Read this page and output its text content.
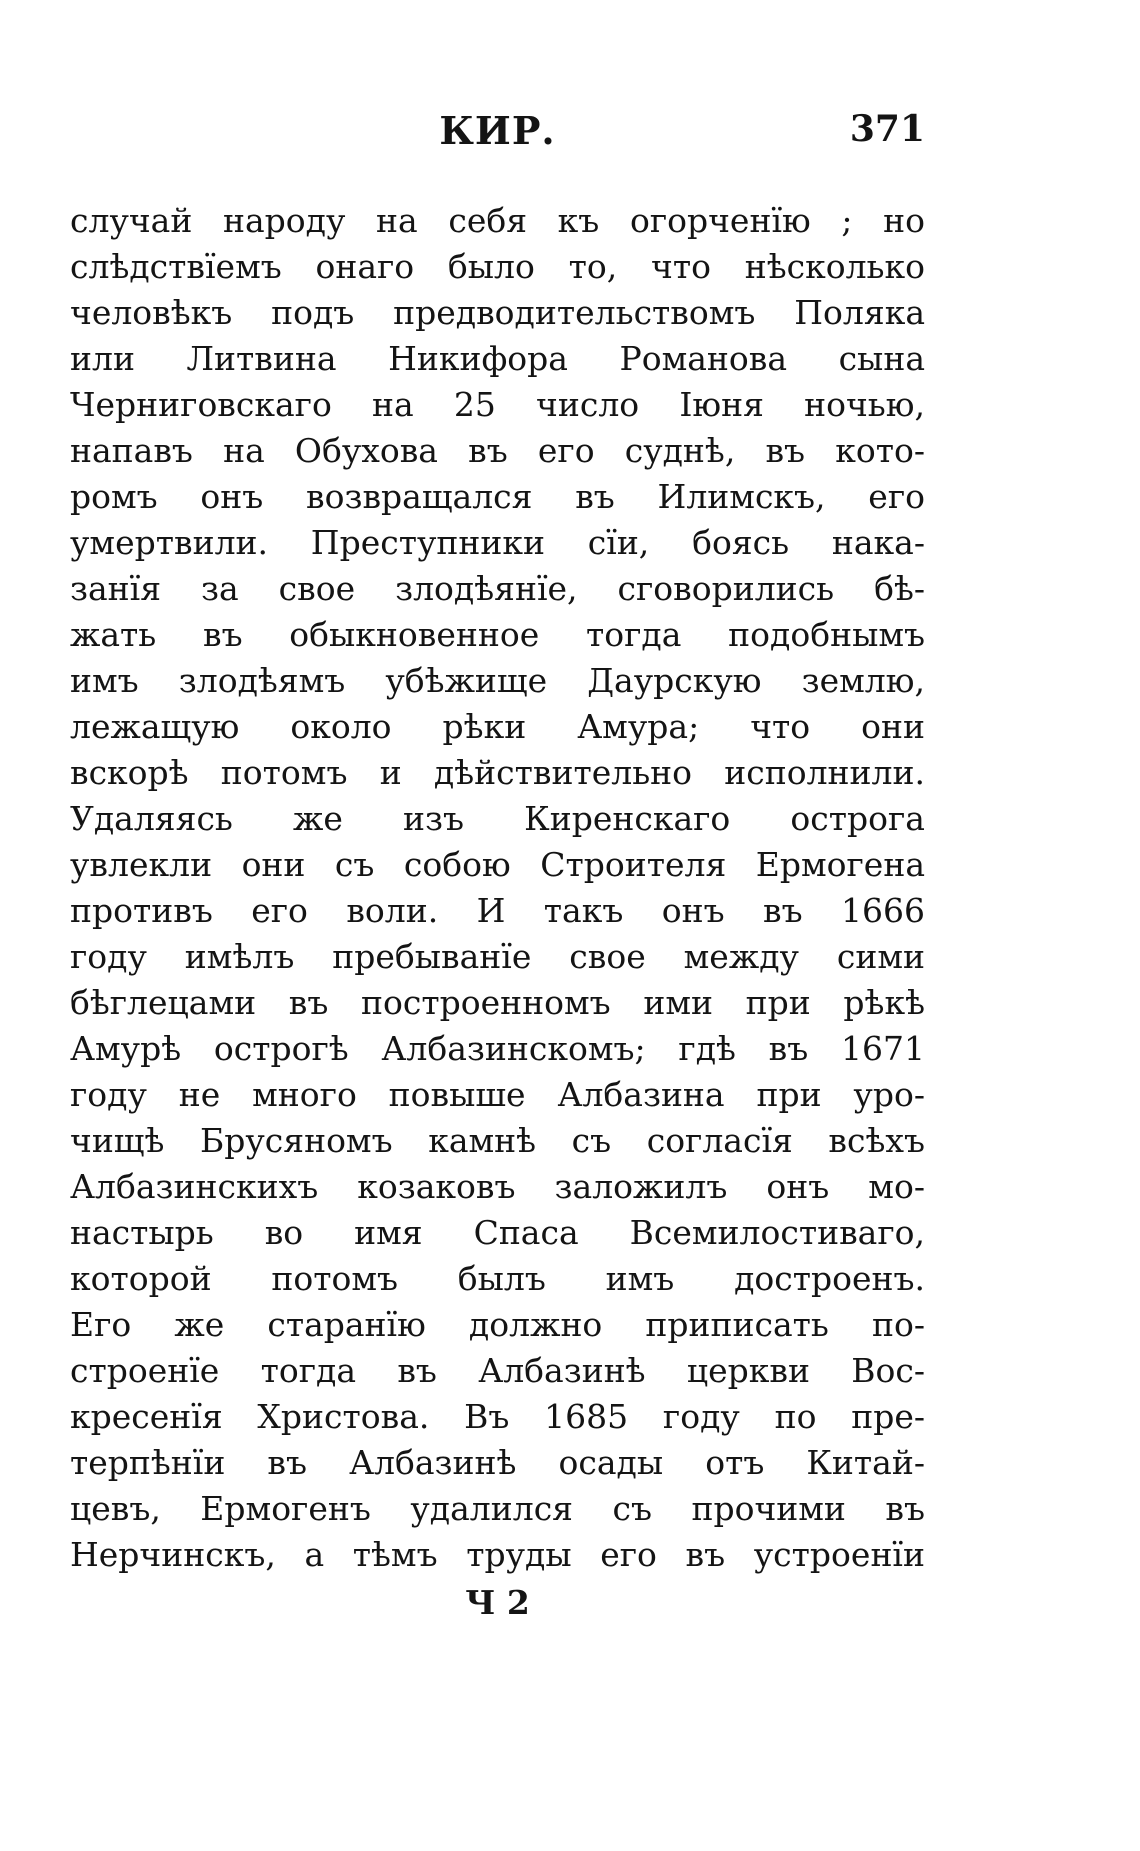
КИР.	371
случай народу на себя къ огорченїю ; но
слѣдствїемъ онаго было то, что нѣсколько
человѣкъ подъ предводительствомъ Поляка
или Литвина Никифора Романова сына
Черниговскаго на 25 число Іюня ночью,
напавъ на Обухова въ его суднѣ, въ кото-
ромъ онъ возвращался въ Илимскъ, его
умертвили. Преступники сїи, боясь нака-
занїя за свое злодѣянїе, сговорились бѣ-
жать въ обыкновенное тогда подобнымъ
имъ злодѣямъ убѣжище Даурскую землю,
лежащую около рѣки Амура; что они
вскорѣ потомъ и дѣйствительно исполнили.
Удаляясь же изъ Киренскаго острога
увлекли они съ собою Строителя Ермогена
противъ его воли. И такъ онъ въ 1666
году имѣлъ пребыванїе свое между сими
бѣглецами въ построенномъ ими при рѣкѣ
Амурѣ острогѣ Албазинскомъ; гдѣ въ 1671
году не много повыше Албазина при уро-
чищѣ Брусяномъ камнѣ съ согласїя всѣхъ
Албазинскихъ козаковъ заложилъ онъ мо-
настырь во имя Спаса Всемилостиваго,
которой потомъ былъ имъ достроенъ.
Его же старанїю должно приписать по-
строенїе тогда въ Албазинѣ церкви Вос-
кресенїя Христова. Въ 1685 году по пре-
терпѣнїи въ Албазинѣ осады отъ Китай-
цевъ, Ермогенъ удалился съ прочими въ
Нерчинскъ, а тѣмъ труды его въ устроенїи
Ч 2
